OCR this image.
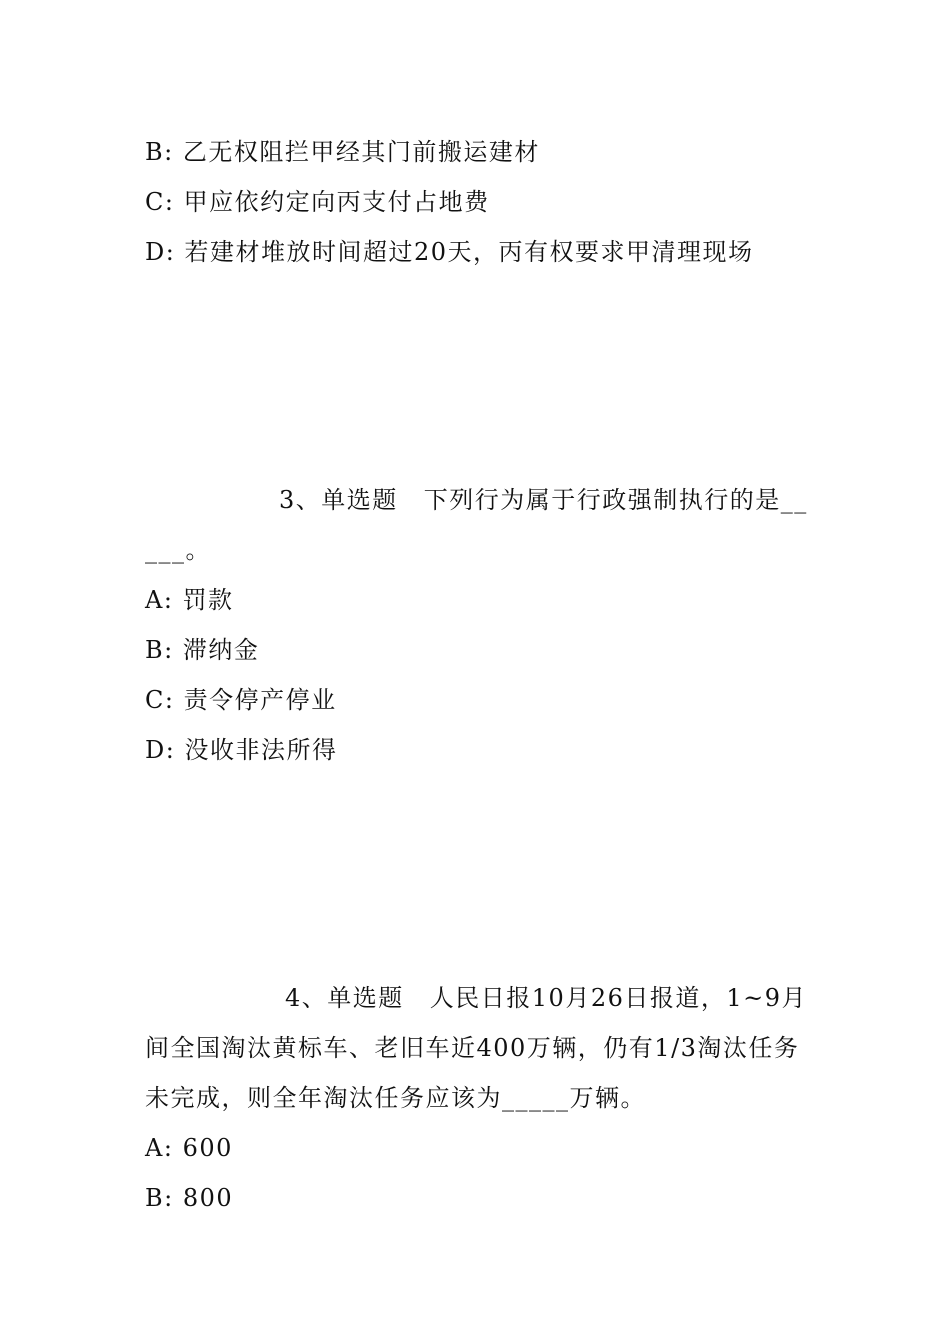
B: 乙无权阻拦甲经其门前搬运建材
C: 甲应依约定向丙支付占地费
D: 若建材堆放时间超过20天，丙有权要求甲清理现场
3、单选题 下列行为属于行政强制执行的是__
___。
A: 罚款
B: 滞纳金
C: 责令停产停业
D: 没收非法所得
4、单选题 人民日报10月26日报道，1~9月
间全国淘汰黄标车、老旧车近400万辆，仍有1/3淘汰任务
未完成，则全年淘汰任务应该为_____万辆。
A: 600
B: 800
